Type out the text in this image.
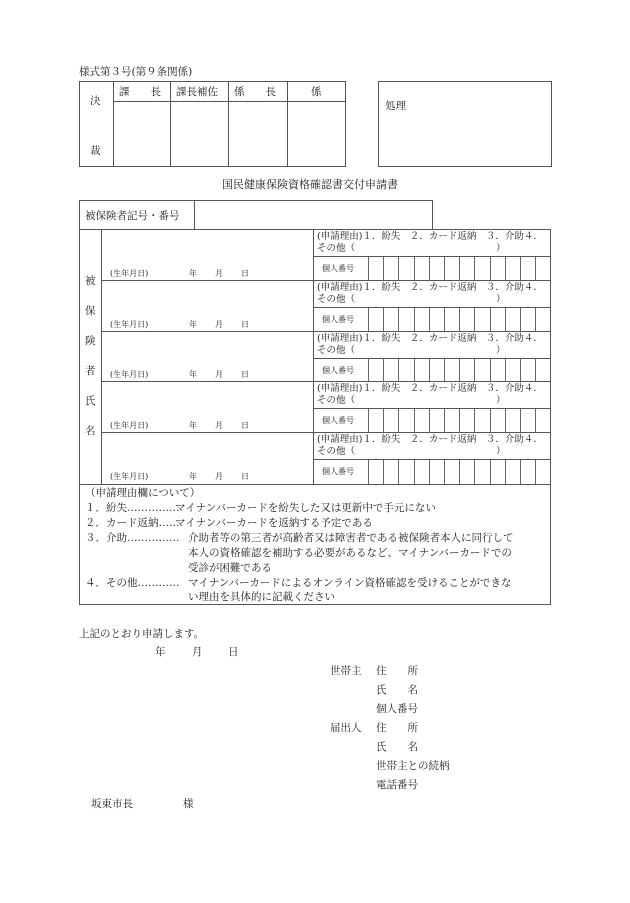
様式第３号(第９条関係)
決
裁
課　　長 課長補佐 係　　長	係
処理
国民健康保険資格確認書交付申請書
被保険者記号・番号
被
保
険
者
氏
名
(生年月日)	年 月 日
(申請理由)１．紛失　２．カード返納　３．介助４．
その他（	）
個人番号
(生年月日)	年 月 日
(申請理由)１．紛失　２．カード返納　３．介助４．
その他（	）
個人番号
(生年月日)	年 月 日
(申請理由)１．紛失　２．カード返納　３．介助４．
その他（	）
個人番号
(生年月日)	年 月 日
(申請理由)１．紛失　２．カード返納　３．介助４．
その他（	）
個人番号
(生年月日)	年 月 日
(申請理由)１．紛失　２．カード返納　３．介助４．
その他（	）
個人番号
（申請理由欄について）
１．紛失……………
マイナンバーカードを紛失した又は更新中で手元にない
２．カード返納……
マイナンバーカードを返納する予定である
３．介助…………… 介助者等の第三者が高齢者又は障害者である被保険者本人に同行して
本人の資格確認を補助する必要があるなど、マイナンバーカードでの
受診が困難である
４．その他………… マイナンバーカードによるオンライン資格確認を受けることができな
い理由を具体的に記載ください
上記のとおり申請します。
年	月 日
世帯主 住　　所
氏　　名
個人番号
届出人 住　　所
氏　　名
世帯主との続柄
電話番号
坂東市長	様
